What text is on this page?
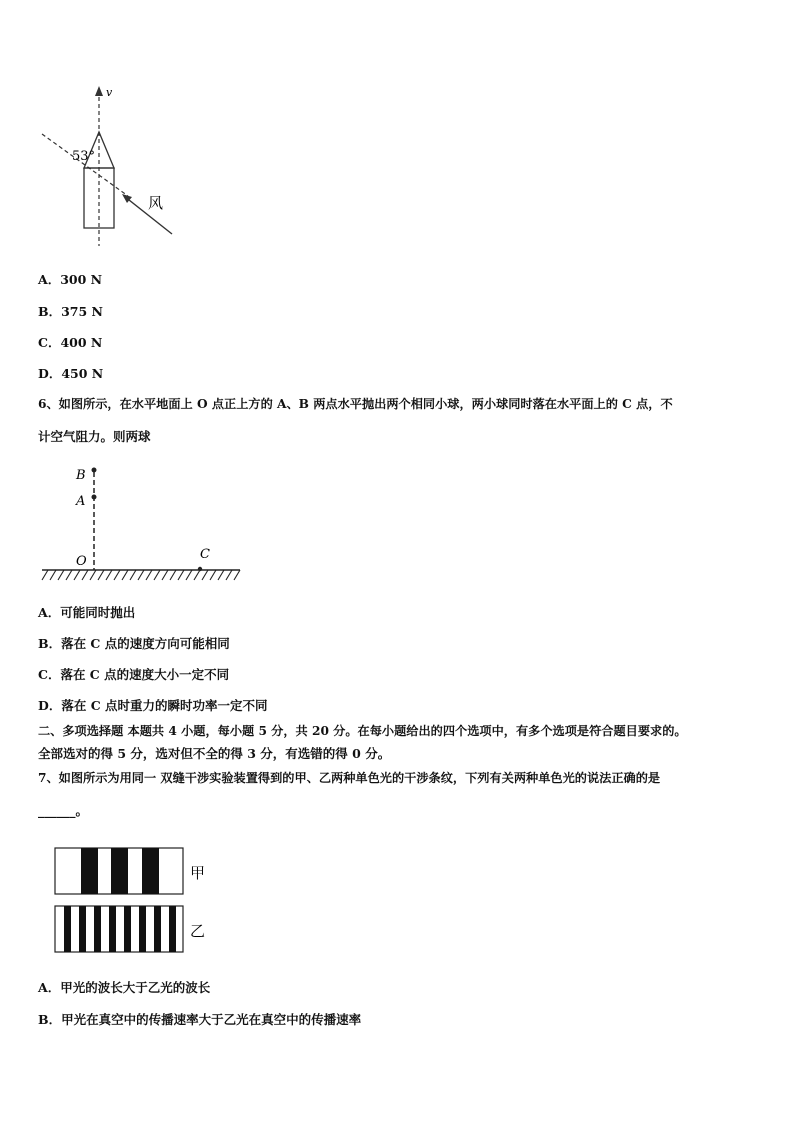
v
53°
风
A．300 N
B．375 N
C．400 N
D．450 N
6、如图所示，在水平地面上 O 点正上方的 A、B 两点水平抛出两个相同小球，两小球同时落在水平面上的 C 点，不
计空气阻力。则两球
B
A
O	C
A．可能同时抛出
B．落在 C 点的速度方向可能相同
C．落在 C 点的速度大小一定不同
D．落在 C 点时重力的瞬时功率一定不同
二、多项选择题 本题共 4 小题，每小题 5 分，共 20 分。在每小题给出的四个选项中，有多个选项是符合题目要求的。
全部选对的得 5 分，选对但不全的得 3 分，有选错的得 0 分。
7、如图所示为用同一 双缝干涉实验装置得到的甲、乙两种单色光的干涉条纹，下列有关两种单色光的说法正确的是
______。
甲
乙
A．甲光的波长大于乙光的波长
B．甲光在真空中的传播速率大于乙光在真空中的传播速率
